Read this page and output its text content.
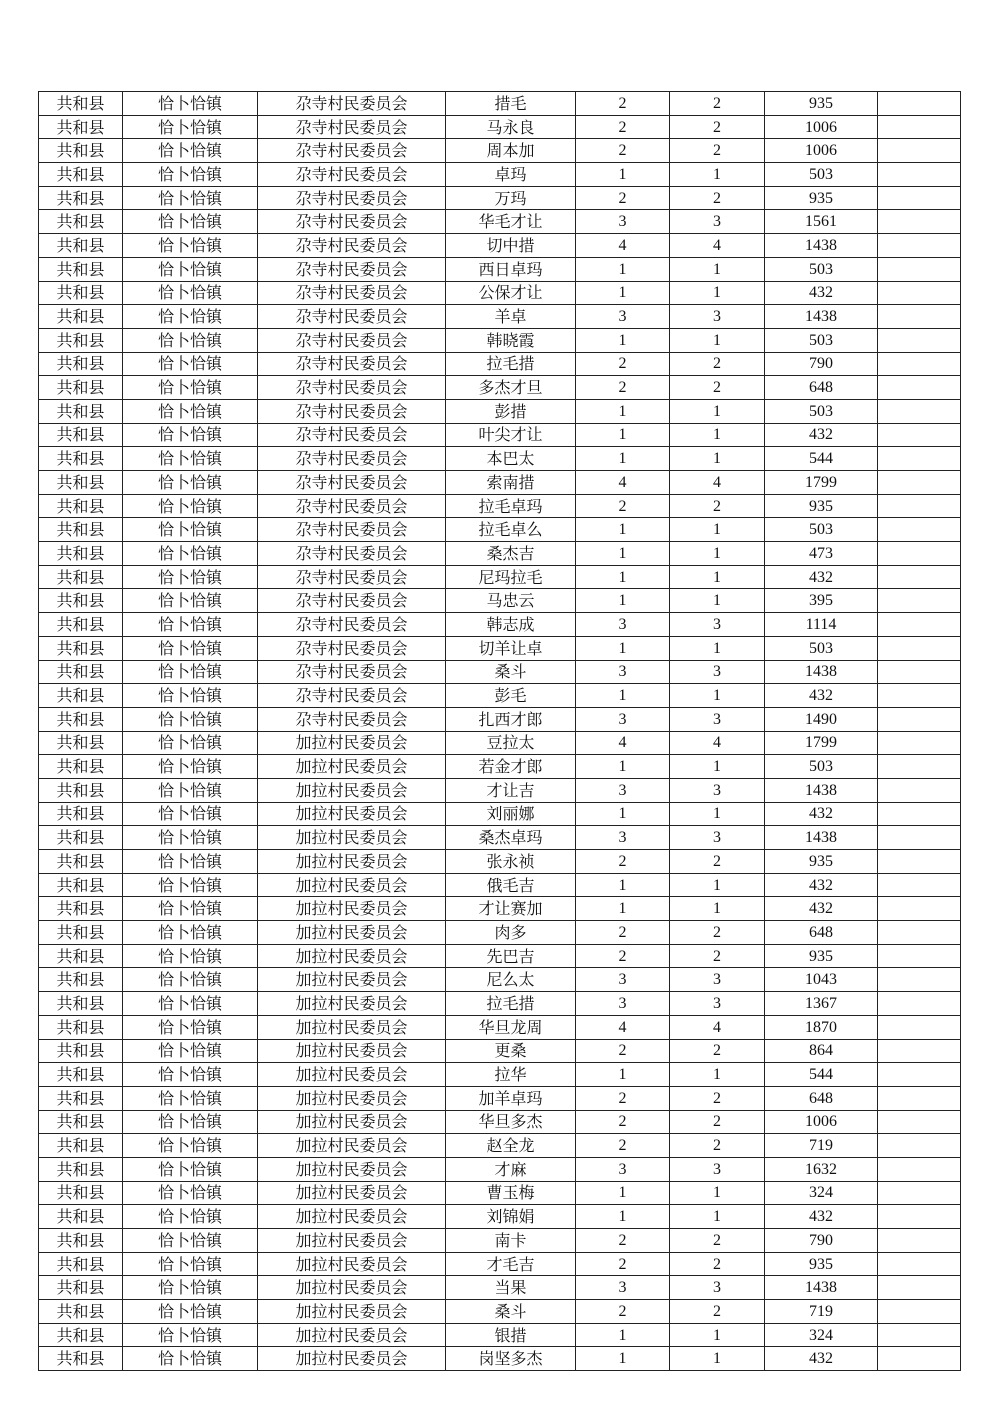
共和县	恰卜恰镇	尕寺村民委员会	措毛	2	2	935	
共和县	恰卜恰镇	尕寺村民委员会	马永良	2	2	1006	
共和县	恰卜恰镇	尕寺村民委员会	周本加	2	2	1006	
共和县	恰卜恰镇	尕寺村民委员会	卓玛	1	1	503	
共和县	恰卜恰镇	尕寺村民委员会	万玛	2	2	935	
共和县	恰卜恰镇	尕寺村民委员会	华毛才让	3	3	1561	
共和县	恰卜恰镇	尕寺村民委员会	切中措	4	4	1438	
共和县	恰卜恰镇	尕寺村民委员会	西日卓玛	1	1	503	
共和县	恰卜恰镇	尕寺村民委员会	公保才让	1	1	432	
共和县	恰卜恰镇	尕寺村民委员会	羊卓	3	3	1438	
共和县	恰卜恰镇	尕寺村民委员会	韩晓霞	1	1	503	
共和县	恰卜恰镇	尕寺村民委员会	拉毛措	2	2	790	
共和县	恰卜恰镇	尕寺村民委员会	多杰才旦	2	2	648	
共和县	恰卜恰镇	尕寺村民委员会	彭措	1	1	503	
共和县	恰卜恰镇	尕寺村民委员会	叶尖才让	1	1	432	
共和县	恰卜恰镇	尕寺村民委员会	本巴太	1	1	544	
共和县	恰卜恰镇	尕寺村民委员会	索南措	4	4	1799	
共和县	恰卜恰镇	尕寺村民委员会	拉毛卓玛	2	2	935	
共和县	恰卜恰镇	尕寺村民委员会	拉毛卓么	1	1	503	
共和县	恰卜恰镇	尕寺村民委员会	桑杰吉	1	1	473	
共和县	恰卜恰镇	尕寺村民委员会	尼玛拉毛	1	1	432	
共和县	恰卜恰镇	尕寺村民委员会	马忠云	1	1	395	
共和县	恰卜恰镇	尕寺村民委员会	韩志成	3	3	1114	
共和县	恰卜恰镇	尕寺村民委员会	切羊让卓	1	1	503	
共和县	恰卜恰镇	尕寺村民委员会	桑斗	3	3	1438	
共和县	恰卜恰镇	尕寺村民委员会	彭毛	1	1	432	
共和县	恰卜恰镇	尕寺村民委员会	扎西才郎	3	3	1490	
共和县	恰卜恰镇	加拉村民委员会	豆拉太	4	4	1799	
共和县	恰卜恰镇	加拉村民委员会	若金才郎	1	1	503	
共和县	恰卜恰镇	加拉村民委员会	才让吉	3	3	1438	
共和县	恰卜恰镇	加拉村民委员会	刘丽娜	1	1	432	
共和县	恰卜恰镇	加拉村民委员会	桑杰卓玛	3	3	1438	
共和县	恰卜恰镇	加拉村民委员会	张永祯	2	2	935	
共和县	恰卜恰镇	加拉村民委员会	俄毛吉	1	1	432	
共和县	恰卜恰镇	加拉村民委员会	才让赛加	1	1	432	
共和县	恰卜恰镇	加拉村民委员会	肉多	2	2	648	
共和县	恰卜恰镇	加拉村民委员会	先巴吉	2	2	935	
共和县	恰卜恰镇	加拉村民委员会	尼么太	3	3	1043	
共和县	恰卜恰镇	加拉村民委员会	拉毛措	3	3	1367	
共和县	恰卜恰镇	加拉村民委员会	华旦龙周	4	4	1870	
共和县	恰卜恰镇	加拉村民委员会	更桑	2	2	864	
共和县	恰卜恰镇	加拉村民委员会	拉华	1	1	544	
共和县	恰卜恰镇	加拉村民委员会	加羊卓玛	2	2	648	
共和县	恰卜恰镇	加拉村民委员会	华旦多杰	2	2	1006	
共和县	恰卜恰镇	加拉村民委员会	赵全龙	2	2	719	
共和县	恰卜恰镇	加拉村民委员会	才麻	3	3	1632	
共和县	恰卜恰镇	加拉村民委员会	曹玉梅	1	1	324	
共和县	恰卜恰镇	加拉村民委员会	刘锦娟	1	1	432	
共和县	恰卜恰镇	加拉村民委员会	南卡	2	2	790	
共和县	恰卜恰镇	加拉村民委员会	才毛吉	2	2	935	
共和县	恰卜恰镇	加拉村民委员会	当果	3	3	1438	
共和县	恰卜恰镇	加拉村民委员会	桑斗	2	2	719	
共和县	恰卜恰镇	加拉村民委员会	银措	1	1	324	
共和县	恰卜恰镇	加拉村民委员会	岗坚多杰	1	1	432	
